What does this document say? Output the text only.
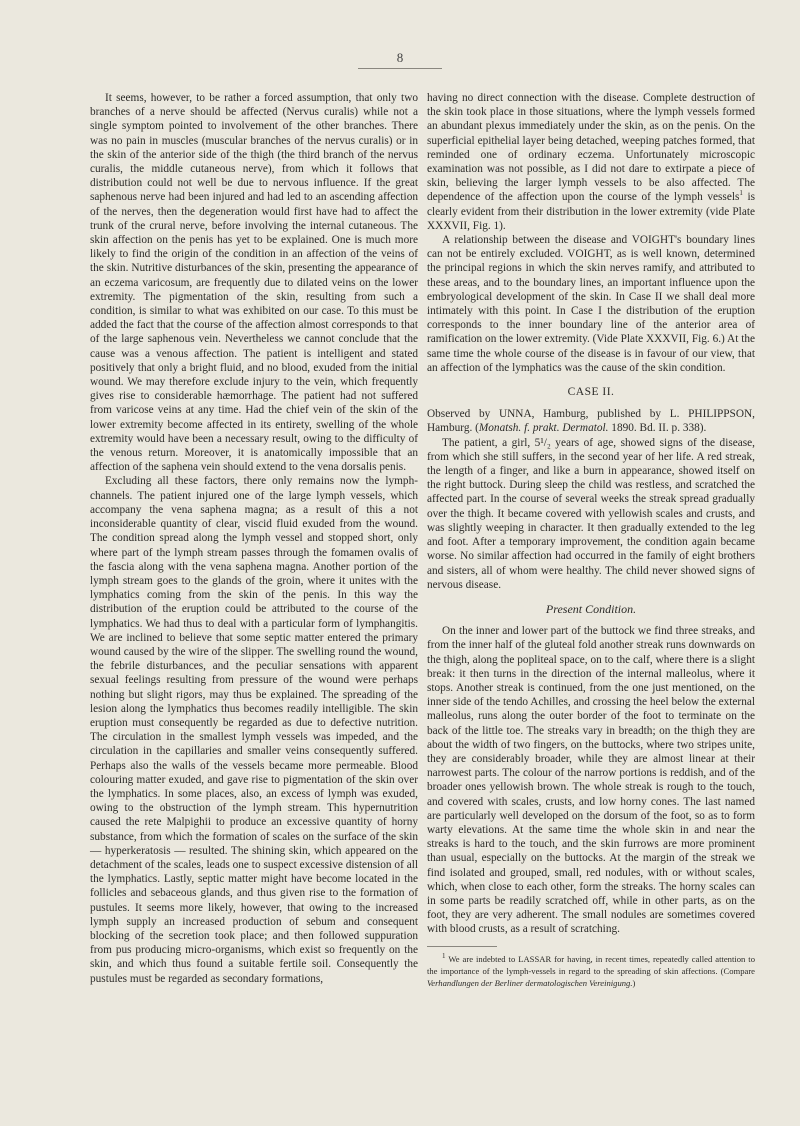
8

It seems, however, to be rather a forced assumption, that only two branches of a nerve should be affected (Nervus curalis) while not a single symptom pointed to involvement of the other branches. There was no pain in muscles (muscular branches of the nervus curalis) or in the skin of the anterior side of the thigh (the third branch of the nervus curalis, the middle cutaneous nerve), from which it follows that distribution could not well be due to nervous influence. If the great saphenous nerve had been injured and had led to an ascending affection of the nerves, then the degeneration would first have had to affect the trunk of the crural nerve, before involving the internal cutaneous. The skin affection on the penis has yet to be explained. One is much more likely to find the origin of the condition in an affection of the veins of the skin. Nutritive disturbances of the skin, presenting the appearance of an eczema varicosum, are frequently due to dilated veins on the lower extremity. The pigmentation of the skin, resulting from such a condition, is similar to what was exhibited on our case. To this must be added the fact that the course of the affection almost corresponds to that of the large saphenous vein. Nevertheless we cannot conclude that the cause was a venous affection. The patient is intelligent and stated positively that only a bright fluid, and no blood, exuded from the initial wound. We may therefore exclude injury to the vein, which frequently gives rise to considerable hæmorrhage. The patient had not suffered from varicose veins at any time. Had the chief vein of the skin of the lower extremity become affected in its entirety, swelling of the whole extremity would have been a necessary result, owing to the difficulty of the venous return. Moreover, it is anatomically impossible that an affection of the saphena vein should extend to the vena dorsalis penis.

Excluding all these factors, there only remains now the lymph-channels. The patient injured one of the large lymph vessels, which accompany the vena saphena magna; as a result of this a not inconsiderable quantity of clear, viscid fluid exuded from the wound. The condition spread along the lymph vessel and stopped short, only where part of the lymph stream passes through the fomamen ovalis of the fascia along with the vena saphena magna. Another portion of the lymph stream goes to the glands of the groin, where it unites with the lymphatics coming from the skin of the penis. In this way the distribution of the eruption could be attributed to the course of the lymphatics. We had thus to deal with a particular form of lymphangitis. We are inclined to believe that some septic matter entered the primary wound caused by the wire of the slipper. The swelling round the wound, the febrile disturbances, and the peculiar sensations with apparent sexual feelings resulting from pressure of the wound were perhaps nothing but slight rigors, may thus be explained. The spreading of the lesion along the lymphatics thus becomes readily intelligible. The skin eruption must consequently be regarded as due to defective nutrition. The circulation in the smallest lymph vessels was impeded, and the circulation in the capillaries and smaller veins consequently suffered. Perhaps also the walls of the vessels became more permeable. Blood colouring matter exuded, and gave rise to pigmentation of the skin over the lymphatics. In some places, also, an excess of lymph was exuded, owing to the obstruction of the lymph stream. This hypernutrition caused the rete Malpighii to produce an excessive quantity of horny substance, from which the formation of scales on the surface of the skin — hyperkeratosis — resulted. The shining skin, which appeared on the detachment of the scales, leads one to suspect excessive distension of all the lymphatics. Lastly, septic matter might have become located in the follicles and sebaceous glands, and thus given rise to the formation of pustules. It seems more likely, however, that owing to the increased lymph supply an increased production of sebum and consequent blocking of the secretion took place; and then followed suppuration from pus producing micro-organisms, which exist so frequently on the skin, and which thus found a suitable fertile soil. Consequently the pustules must be regarded as secondary formations,

having no direct connection with the disease. Complete destruction of the skin took place in those situations, where the lymph vessels formed an abundant plexus immediately under the skin, as on the penis. On the superficial epithelial layer being detached, weeping patches formed, that reminded one of ordinary eczema. Unfortunately microscopic examination was not possible, as I did not dare to extirpate a piece of skin, believing the larger lymph vessels to be also affected. The dependence of the affection upon the course of the lymph vessels$^1$ is clearly evident from their distribution in the lower extremity (vide Plate XXXVII, Fig. 1).

A relationship between the disease and VOIGHT's boundary lines can not be entirely excluded. VOIGHT, as is well known, determined the principal regions in which the skin nerves ramify, and attributed to these areas, and to the boundary lines, an important influence upon the embryological development of the skin. In Case II we shall deal more intimately with this point. In Case I the distribution of the eruption corresponds to the inner boundary line of the anterior area of ramification on the lower extremity. (Vide Plate XXXVII, Fig. 6.) At the same time the whole course of the disease is in favour of our view, that an affection of the lymphatics was the cause of the skin condition.

CASE II.

Observed by UNNA, Hamburg, published by L. PHILIPPSON, Hamburg. (Monatsh. f. prakt. Dermatol. 1890. Bd. II. p. 338).

The patient, a girl, 5¹/₂ years of age, showed signs of the disease, from which she still suffers, in the second year of her life. A red streak, the length of a finger, and like a burn in appearance, showed itself on the right buttock. During sleep the child was restless, and scratched the affected part. In the course of several weeks the streak spread gradually over the thigh. It became covered with yellowish scales and crusts, and was slightly weeping in character. It then gradually extended to the leg and foot. After a temporary improvement, the condition again became worse. No similar affection had occurred in the family of eight brothers and sisters, all of whom were healthy. The child never showed signs of nervous disease.

Present Condition.

On the inner and lower part of the buttock we find three streaks, and from the inner half of the gluteal fold another streak runs downwards on the thigh, along the popliteal space, on to the calf, where there is a slight break: it then turns in the direction of the internal malleolus, where it stops. Another streak is continued, from the one just mentioned, on the inner side of the tendo Achilles, and crossing the heel below the external malleolus, runs along the outer border of the foot to terminate on the back of the little toe. The streaks vary in breadth; on the thigh they are about the width of two fingers, on the buttocks, where two stripes unite, they are considerably broader, while they are almost linear at their narrowest parts. The colour of the narrow portions is reddish, and of the broader ones yellowish brown. The whole streak is rough to the touch, and covered with scales, crusts, and low horny cones. The last named are particularly well developed on the dorsum of the foot, so as to form warty elevations. At the same time the whole skin in and near the streaks is hard to the touch, and the skin furrows are more prominent than usual, especially on the buttocks. At the margin of the streak we find isolated and grouped, small, red nodules, with or without scales, which, when close to each other, form the streaks. The horny scales can in some parts be readily scratched off, while in other parts, as on the foot, they are very adherent. The small nodules are sometimes covered with blood crusts, as a result of scratching.

$^1$ We are indebted to LASSAR for having, in recent times, repeatedly called attention to the importance of the lymph-vessels in regard to the spreading of skin affections. (Compare Verhandlungen der Berliner dermatologischen Vereinigung.)
